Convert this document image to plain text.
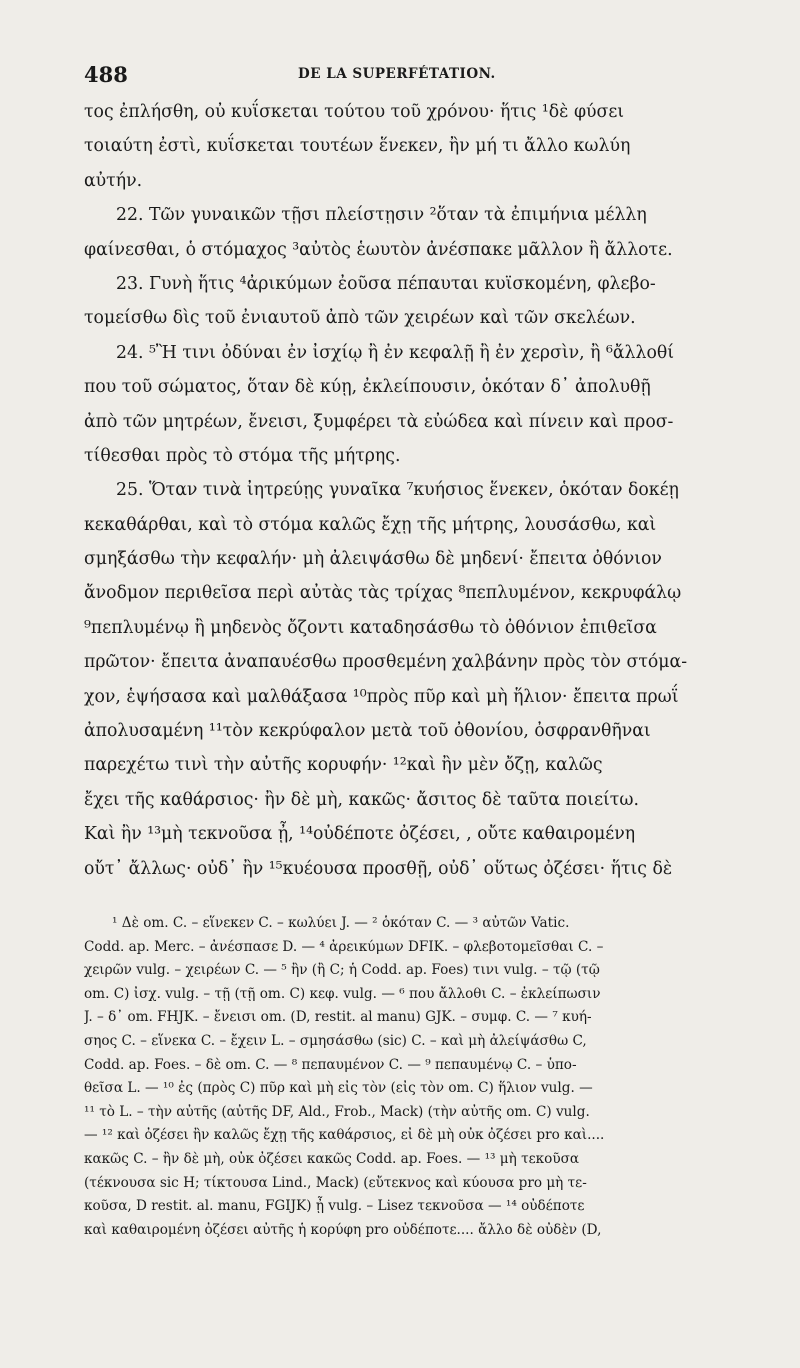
488	DE LA SUPERFÉTATION.
τος ἐπλήσθη, οὐ κυΐσκεται τούτου τοῦ χρόνου· ἥτις ¹δὲ φύσει
τοιαύτη ἐστὶ, κυΐσκεται τουτέων ἕνεκεν, ἢν μή τι ἄλλο κωλύη
αὐτήν.
22. Τῶν γυναικῶν τῇσι πλείστῃσιν ²ὅταν τὰ ἐπιμήνια μέλλη
φαίνεσθαι, ὁ στόμαχος ³αὐτὸς ἑωυτὸν ἀνέσπακε μᾶλλον ἢ ἄλλοτε.
23. Γυνὴ ἥτις ⁴ἀρικύμων ἐοῦσα πέπαυται κυϊσκομένη, φλεβο-
τομείσθω δὶς τοῦ ἐνιαυτοῦ ἀπὸ τῶν χειρέων καὶ τῶν σκελέων.
24. ⁵Ἢ τινι ὀδύναι ἐν ἰσχίῳ ἢ ἐν κεφαλῇ ἢ ἐν χερσὶν, ἢ ⁶ἄλλοθί
που τοῦ σώματος, ὅταν δὲ κύῃ, ἐκλείπουσιν, ὁκόταν δ᾽ ἀπολυθῇ
ἀπὸ τῶν μητρέων, ἔνεισι, ξυμφέρει τὰ εὐώδεα καὶ πίνειν καὶ προσ-
τίθεσθαι πρὸς τὸ στόμα τῆς μήτρης.
25. Ὅταν τινὰ ἰητρεύῃς γυναῖκα ⁷κυήσιος ἕνεκεν, ὁκόταν δοκέῃ
κεκαθάρθαι, καὶ τὸ στόμα καλῶς ἔχῃ τῆς μήτρης, λουσάσθω, καὶ
σμηξάσθω τὴν κεφαλήν· μὴ ἀλειψάσθω δὲ μηδενί· ἔπειτα ὀθόνιον
ἄνοδμον περιθεῖσα περὶ αὐτὰς τὰς τρίχας ⁸πεπλυμένον, κεκρυφάλῳ
⁹πεπλυμένῳ ἢ μηδενὸς ὄζοντι καταδησάσθω τὸ ὀθόνιον ἐπιθεῖσα
πρῶτον· ἔπειτα ἀναπαυέσθω προσθεμένη χαλβάνην πρὸς τὸν στόμα-
χον, ἑψήσασα καὶ μαλθάξασα ¹⁰πρὸς πῦρ καὶ μὴ ἥλιον· ἔπειτα πρωΐ
ἀπολυσαμένη ¹¹τὸν κεκρύφαλον μετὰ τοῦ ὀθονίου, ὀσφρανθῆναι
παρεχέτω τινὶ τὴν αὐτῆς κορυφήν· ¹²καὶ ἢν μὲν ὄζῃ, καλῶς
ἔχει τῆς καθάρσιος· ἢν δὲ μὴ, κακῶς· ἄσιτος δὲ ταῦτα ποιείτω.
Καὶ ἢν ¹³μὴ τεκνοῦσα ᾖ, ¹⁴οὐδέποτε ὀζέσει, , οὔτε καθαιρομένη
οὔτ᾽ ἄλλως· οὐδ᾽ ἢν ¹⁵κυέουσα προσθῇ, οὐδ᾽ οὕτως ὀζέσει· ἥτις δὲ
¹ Δὲ om. C. – εἵνεκεν C. – κωλύει J. — ² ὁκόταν C. — ³ αὐτῶν Vatic.
Codd. ap. Merc. – ἀνέσπασε D. — ⁴ ἀρεικύμων DFIK. – φλεβοτομεῖσθαι C. –
χειρῶν vulg. – χειρέων C. — ⁵ ἢν (ἢ C; ἡ Codd. ap. Foes) τινι vulg. – τῷ (τῷ
om. C) ἰσχ. vulg. – τῇ (τῇ om. C) κεφ. vulg. — ⁶ που ἄλλοθι C. – ἐκλείπωσιν
J. – δ᾽ om. FHJK. – ἔνεισι om. (D, restit. al manu) GJK. – συμφ. C. — ⁷ κυή-
σηος C. – εἵνεκα C. – ἔχειν L. – σμησάσθω (sic) C. – καὶ μὴ ἀλείψάσθω C,
Codd. ap. Foes. – δὲ om. C. — ⁸ πεπαυμένον C. — ⁹ πεπαυμένῳ C. – ὑπο-
θεῖσα L. — ¹⁰ ἐς (πρὸς C) πῦρ καὶ μὴ εἰς τὸν (εἰς τὸν om. C) ἥλιον vulg. —
¹¹ τὸ L. – τὴν αὐτῆς (αὐτῆς DF, Ald., Frob., Mack) (τὴν αὐτῆς om. C) vulg.
— ¹² καὶ ὀζέσει ἢν καλῶς ἔχῃ τῆς καθάρσιος, εἰ δὲ μὴ οὐκ ὀζέσει pro καὶ....
κακῶς C. – ἢν δὲ μὴ, οὐκ ὀζέσει κακῶς Codd. ap. Foes. — ¹³ μὴ τεκοῦσα
(τέκνουσα sic H; τίκτουσα Lind., Mack) (εὔτεκνος καὶ κύουσα pro μὴ τε-
κοῦσα, D restit. al. manu, FGIJK) ᾖ vulg. – Lisez τεκνοῦσα — ¹⁴ οὐδέποτε
καὶ καθαιρομένη ὀζέσει αὐτῆς ἡ κορύφη pro οὐδέποτε.... ἄλλο δὲ οὐδὲν (D,
